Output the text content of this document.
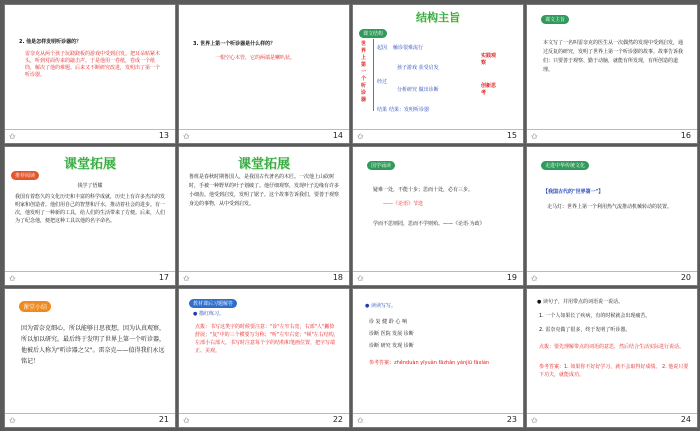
2. 他是怎样发明听诊器的？
雷奈克从两个孩子玩跷跷板的游戏中受到启发。把耳朵贴紧木头，听到对面传来的敲击声。于是他用一卷纸，卷成一个纸筒，解决了他的难题。后来又不断研究改进，发明出了第一个听诊器。
✩	13
3. 世界上第一个听诊器是什么样的？
一根空心木管，它的两端是喇叭状。
✩	14
结构主旨
课文结构
世界上第一个听诊器
起因
经过
结果
触诊很难流行
孩子游戏 获受启发
分析研究 做出诊断
结果：发明听诊器
实践观察
创新思考
✩	15
课文主旨
本文写了一名叫雷奈克的医生从一次偶然的发现中受到启发，通过反复的研究，发明了世界上第一个听诊器的故事。故事告诉我们：只要善于观察、勤于动脑，就能有所发现，有所创造的道理。
✩	16
课堂拓展
推荐阅读
钱学了悟耀
我国有着悠久的文化历史和丰富的科学成就，历史上有许多杰出的发明家和创造者。他们用自己的智慧和汗水，推动着社会的进步。有一次，他发明了一种新的工具，给人们的生活带来了方便。后来，人们为了纪念他，便把这种工具以他的名字命名。
✩	17
课堂拓展
鲁班是春秋时期鲁国人，是我国古代著名的木匠。一次他上山砍树时，手被一种野草的叶子划破了。他仔细观察，发现叶子边缘有许多小细齿。他受到启发，发明了锯子。这个故事告诉我们，要善于观察身边的事物，从中受到启发。
✩	18
国学诵读
疑难一处，不能十步；思而十处，必有三步。
——《论语》节选
学而不思则罔，思而不学则殆。——《论语·为政》
✩	19
走进中华传统文化
【我国古代的"世界第一"】
走马灯：世界上第一个利用热气流推动机械转动的装置。
✩	20
课堂小结
因为雷奈克细心，所以能够日思夜想，因为认真观察，所以加以研究。最后终于发明了世界上第一个听诊器，他被后人称为"听诊器之父"。雷奈克——值得我们永远铭记！
✩	21
教材课后习题解答
● 描红练习。
点拨：书写这类字的时候要注意："诊"左窄右宽，右部"人"撇捺舒展；"复"中的三个横要写匀称；"听"左窄右宽；"顿"左右结构，左部小右部大。书写时注意每个字的结构和笔画位置，把字写端正、美观。
✩	22
● 读读写写。
诊 复 健 聆 心 响
诊断 医院 发展 诊断
诊断 研究 发现 诊断
参考答案：zhěnduàn yīyuàn fāzhǎn yánjiū fāxiàn
✩	23
● 读句子，并用带点的词语说一说话。
1. 一个人如果长了疾病，有的时候就会出现痛苦。
2. 雷奈克做了很多，终于发明了听诊器。
点拨：要先理解带点的词语的意思，然后结合生活实际进行说话。
参考答案：1. 如果你不好好学习，就不会取得好成绩。 2. 他说只要下功夫，就能成功。
✩	24
